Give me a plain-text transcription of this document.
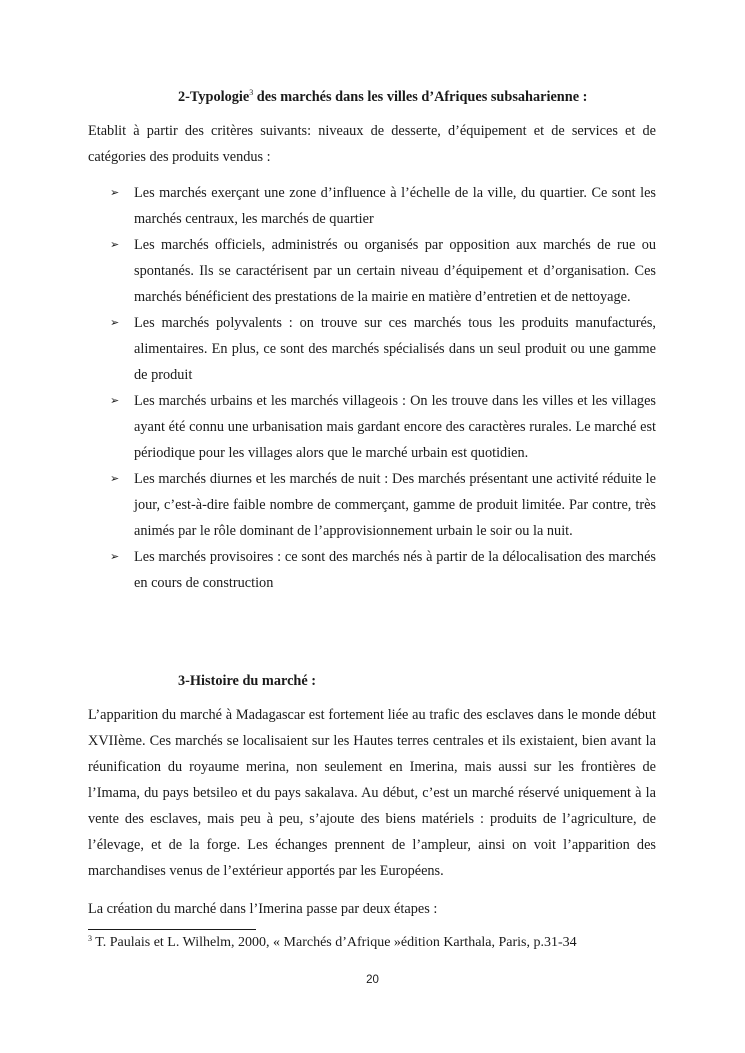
2-Typologie$^3$ des marchés dans les villes d’Afriques subsaharienne :

Etablit à partir des critères suivants: niveaux de desserte, d’équipement et de services et de catégories des produits vendus :

➢ Les marchés exerçant une zone d’influence à l’échelle de la ville, du quartier. Ce sont les marchés centraux, les marchés de quartier
➢ Les marchés officiels, administrés ou organisés par opposition aux marchés de rue ou spontanés. Ils se caractérisent par un certain niveau d’équipement et d’organisation. Ces marchés bénéficient des prestations de la mairie en matière d’entretien et de nettoyage.
➢ Les marchés polyvalents : on trouve sur ces marchés tous les produits manufacturés, alimentaires. En plus, ce sont des marchés spécialisés dans un seul produit ou une gamme de produit
➢ Les marchés urbains et les marchés villageois : On les trouve dans les villes et les villages ayant été connu une urbanisation mais gardant encore des caractères rurales. Le marché est périodique pour les villages alors que le marché urbain est quotidien.
➢ Les marchés diurnes et les marchés de nuit : Des marchés présentant une activité réduite le jour, c’est-à-dire faible nombre de commerçant, gamme de produit limitée. Par contre, très animés par le rôle dominant de l’approvisionnement urbain le soir ou la nuit.
➢ Les marchés provisoires : ce sont des marchés nés à partir de la délocalisation des marchés en cours de construction
3-Histoire du marché :

L’apparition du marché à Madagascar est fortement liée au trafic des esclaves dans le monde début XVIIème. Ces marchés se localisaient sur les Hautes terres centrales et ils existaient, bien avant la réunification du royaume merina, non seulement en Imerina, mais aussi sur les frontières de l’Imama, du pays betsileo et du pays sakalava. Au début, c’est un marché réservé uniquement à la vente des esclaves, mais peu à peu, s’ajoute des biens matériels : produits de l’agriculture, de l’élevage, et de la forge. Les échanges prennent de l’ampleur, ainsi on voit l’apparition des marchandises venus de l’extérieur apportés par les Européens.

La création du marché dans l’Imerina passe par deux étapes :

$^3$ T. Paulais et L. Wilhelm, 2000, « Marchés d’Afrique »édition Karthala, Paris, p.31-34
20
